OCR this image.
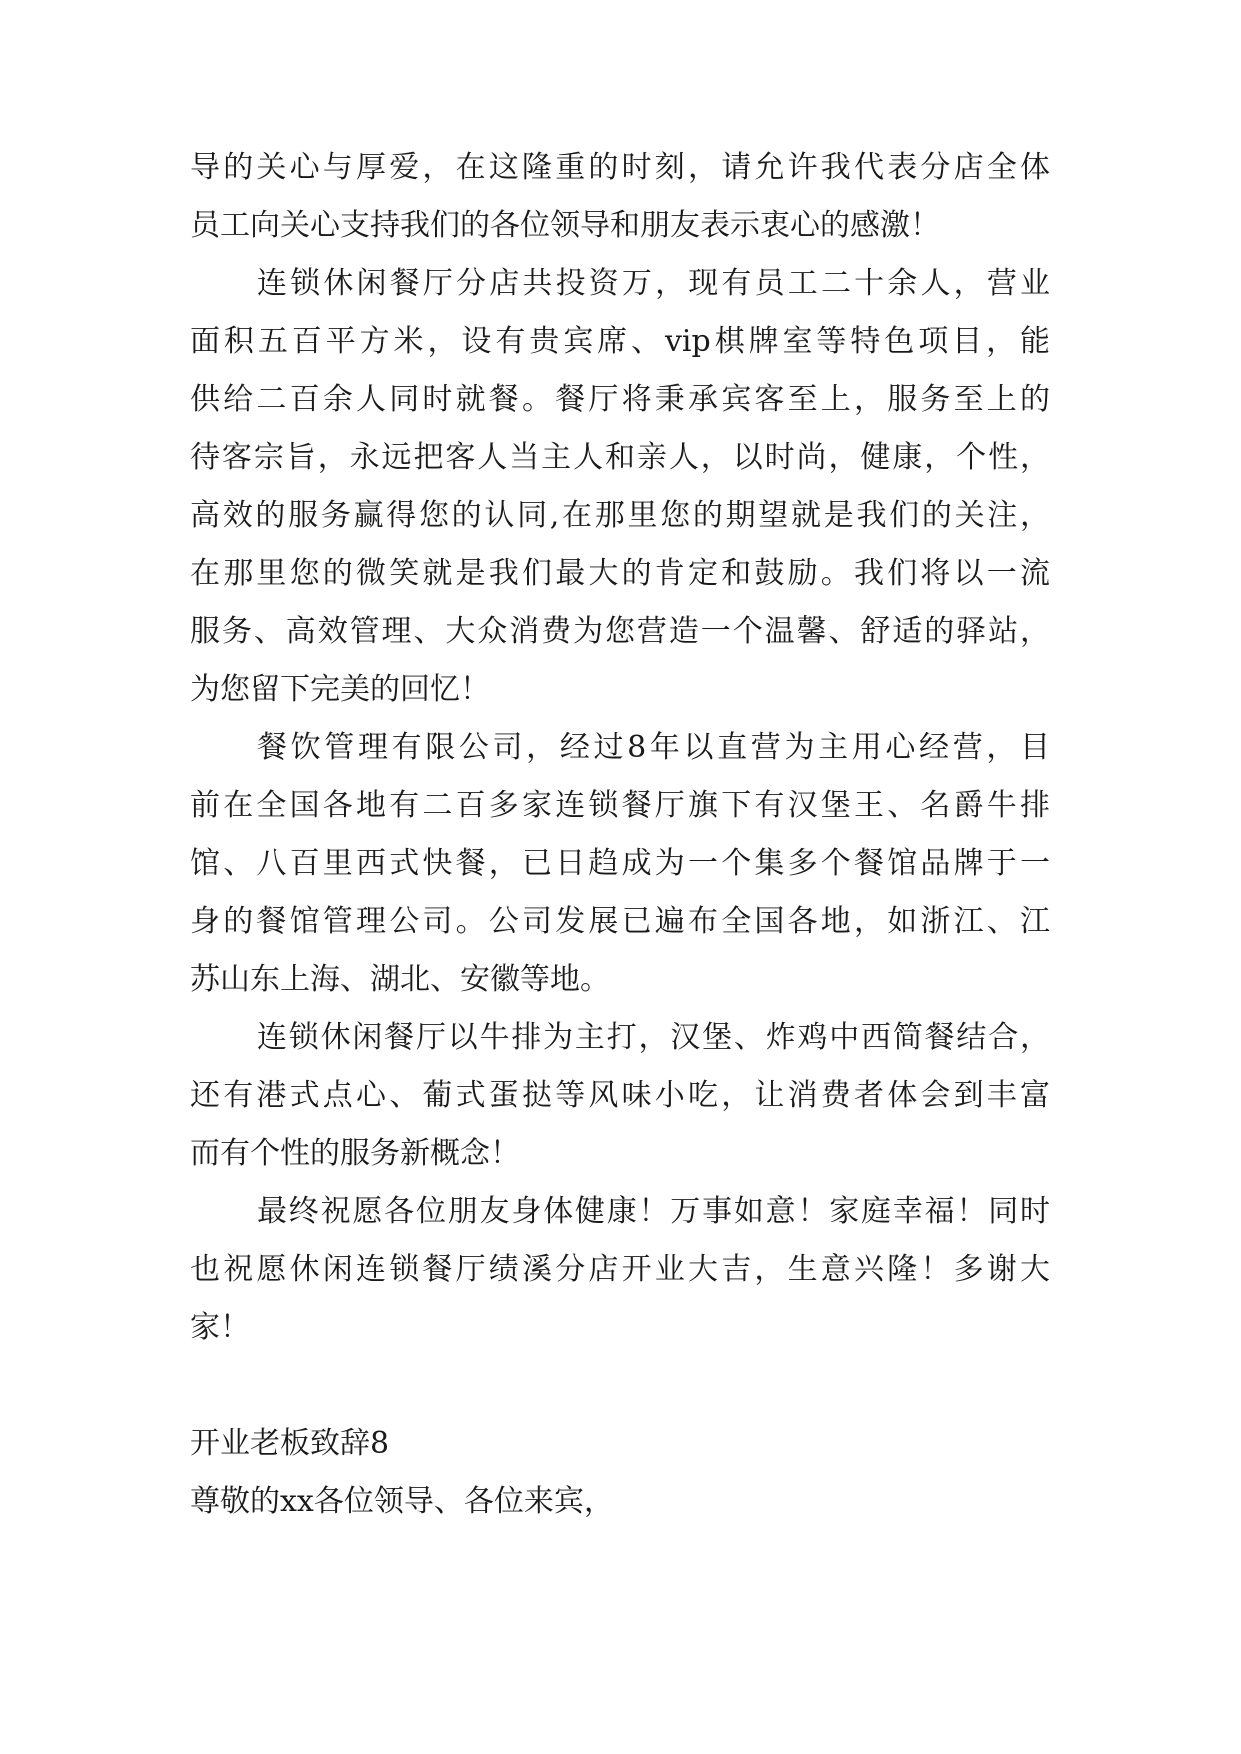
导的关心与厚爱，在这隆重的时刻，请允许我代表分店全体
员工向关心支持我们的各位领导和朋友表示衷心的感激！
连锁休闲餐厅分店共投资万，现有员工二十余人，营业
面积五百平方米，设有贵宾席、vip棋牌室等特色项目，能
供给二百余人同时就餐。餐厅将秉承宾客至上，服务至上的
待客宗旨，永远把客人当主人和亲人，以时尚，健康，个性，
高效的服务赢得您的认同,在那里您的期望就是我们的关注，
在那里您的微笑就是我们最大的肯定和鼓励。我们将以一流
服务、高效管理、大众消费为您营造一个温馨、舒适的驿站，
为您留下完美的回忆！
餐饮管理有限公司，经过8年以直营为主用心经营，目
前在全国各地有二百多家连锁餐厅旗下有汉堡王、名爵牛排
馆、八百里西式快餐，已日趋成为一个集多个餐馆品牌于一
身的餐馆管理公司。公司发展已遍布全国各地，如浙江、江
苏山东上海、湖北、安徽等地。
连锁休闲餐厅以牛排为主打，汉堡、炸鸡中西简餐结合，
还有港式点心、葡式蛋挞等风味小吃，让消费者体会到丰富
而有个性的服务新概念！
最终祝愿各位朋友身体健康！万事如意！家庭幸福！同时
也祝愿休闲连锁餐厅绩溪分店开业大吉，生意兴隆！多谢大
家！
开业老板致辞8
尊敬的xx各位领导、各位来宾，
